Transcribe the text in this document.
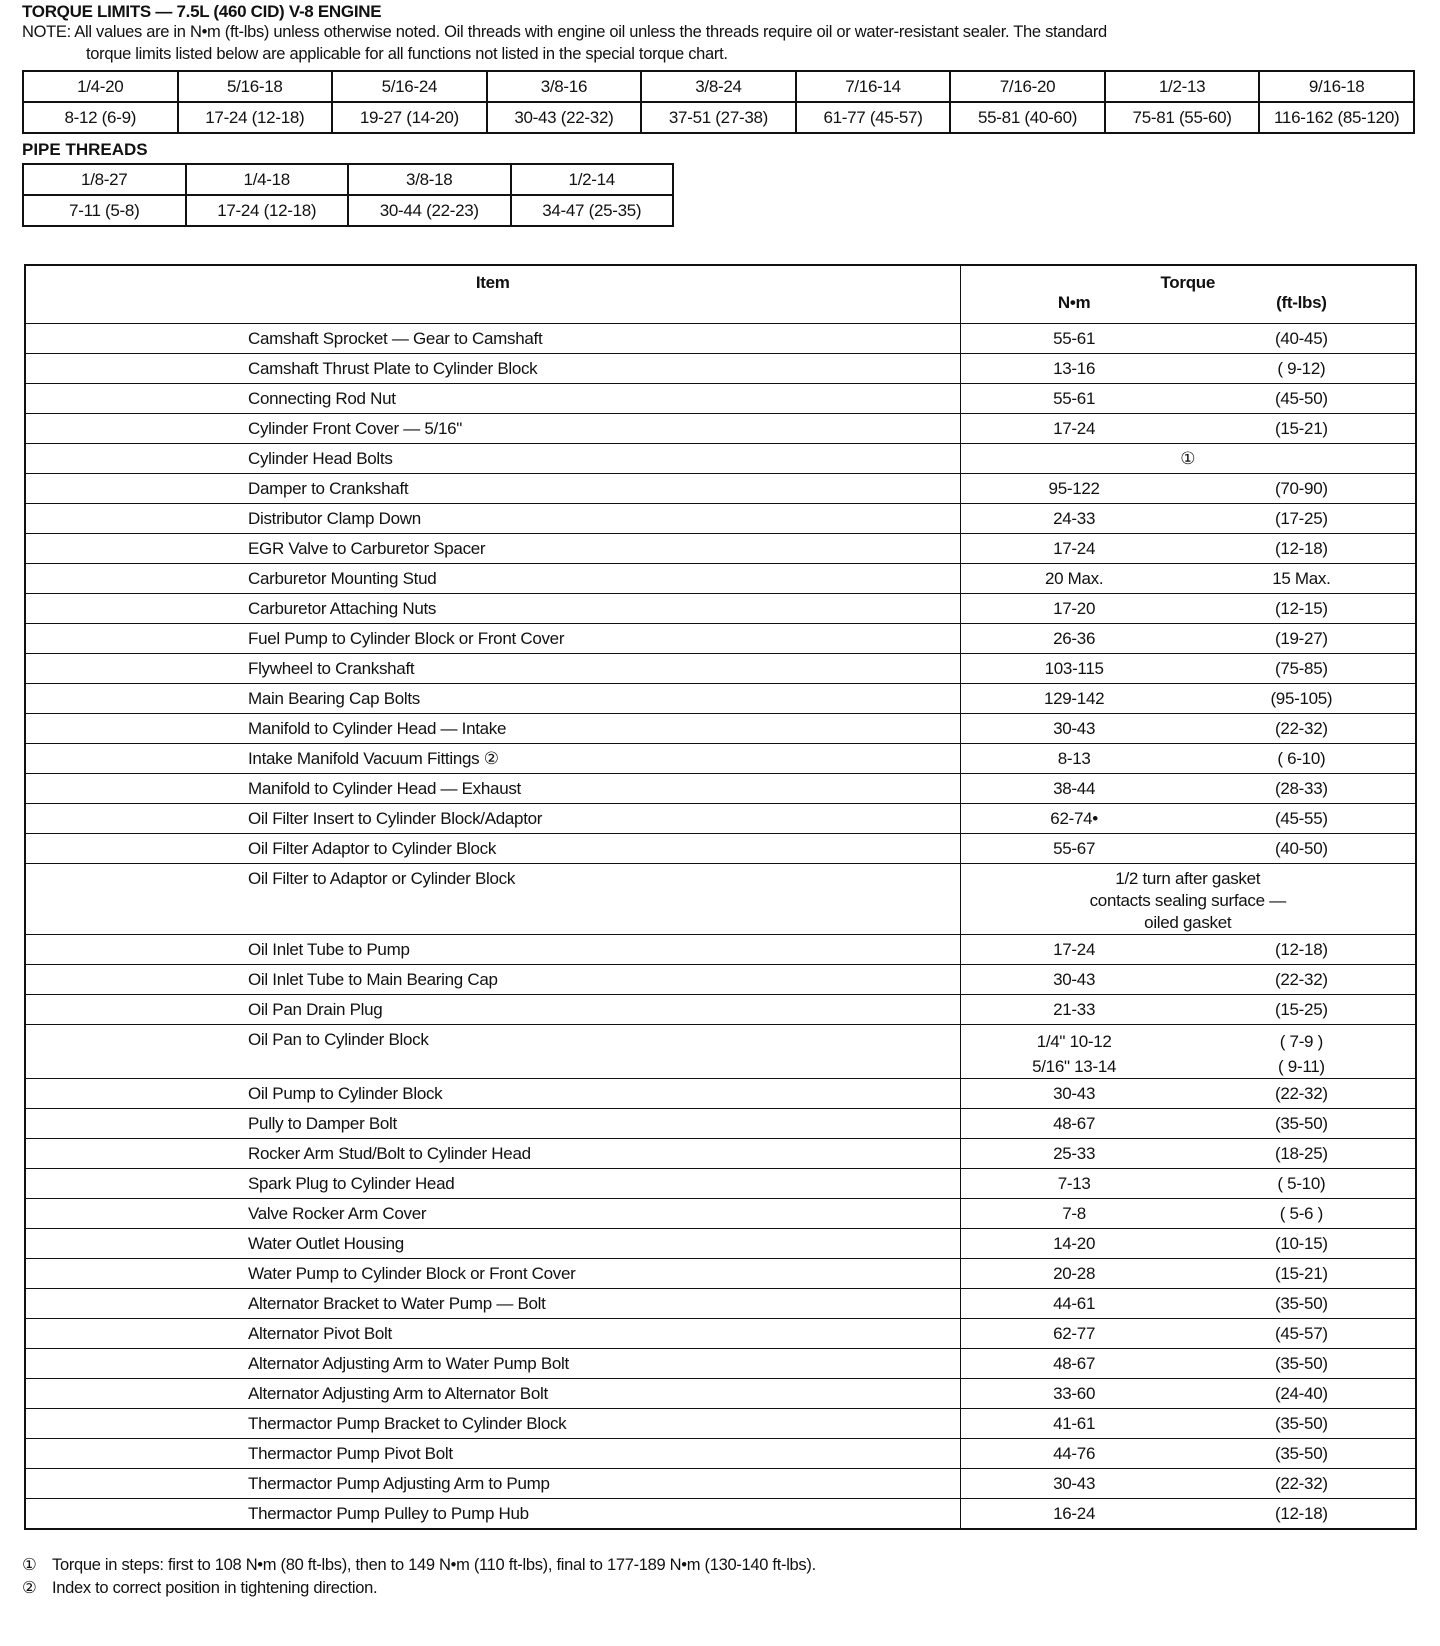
TORQUE LIMITS — 7.5L (460 CID) V-8 ENGINE
NOTE: All values are in N•m (ft-lbs) unless otherwise noted. Oil threads with engine oil unless the threads require oil or water-resistant sealer. The standard
torque limits listed below are applicable for all functions not listed in the special torque chart.
1/4-20	5/16-18	5/16-24	3/8-16	3/8-24	7/16-14	7/16-20	1/2-13	9/16-18
8-12 (6-9)	17-24 (12-18)	19-27 (14-20)	30-43 (22-32)	37-51 (27-38)	61-77 (45-57)	55-81 (40-60)	75-81 (55-60)	116-162 (85-120)
PIPE THREADS
1/8-27	1/4-18	3/8-18	1/2-14
7-11 (5-8)	17-24 (12-18)	30-44 (22-23)	34-47 (25-35)
Item	Torque
N•m (ft-lbs)

Camshaft Sprocket — Gear to Camshaft	55-61 (40-45)

Camshaft Thrust Plate to Cylinder Block	13-16 ( 9-12)

Connecting Rod Nut	55-61 (45-50)

Cylinder Front Cover — 5/16"	17-24 (15-21)

Cylinder Head Bolts	①

Damper to Crankshaft	95-122 (70-90)

Distributor Clamp Down	24-33 (17-25)

EGR Valve to Carburetor Spacer	17-24 (12-18)

Carburetor Mounting Stud	20 Max. 15 Max.

Carburetor Attaching Nuts	17-20 (12-15)

Fuel Pump to Cylinder Block or Front Cover	26-36 (19-27)

Flywheel to Crankshaft	103-115 (75-85)

Main Bearing Cap Bolts	129-142 (95-105)

Manifold to Cylinder Head — Intake	30-43 (22-32)

Intake Manifold Vacuum Fittings ②	8-13 ( 6-10)

Manifold to Cylinder Head — Exhaust	38-44 (28-33)

Oil Filter Insert to Cylinder Block/Adaptor	62-74• (45-55)

Oil Filter Adaptor to Cylinder Block	55-67 (40-50)

Oil Filter to Adaptor or Cylinder Block	1/2 turn after gasket
contacts sealing surface —
oiled gasket

Oil Inlet Tube to Pump	17-24 (12-18)

Oil Inlet Tube to Main Bearing Cap	30-43 (22-32)

Oil Pan Drain Plug	21-33 (15-25)

Oil Pan to Cylinder Block	1/4" 10-12
5/16" 13-14
( 7-9 )
( 9-11)

Oil Pump to Cylinder Block	30-43 (22-32)

Pully to Damper Bolt	48-67 (35-50)

Rocker Arm Stud/Bolt to Cylinder Head	25-33 (18-25)

Spark Plug to Cylinder Head	7-13 ( 5-10)

Valve Rocker Arm Cover	7-8 ( 5-6 )

Water Outlet Housing	14-20 (10-15)

Water Pump to Cylinder Block or Front Cover	20-28 (15-21)

Alternator Bracket to Water Pump — Bolt	44-61 (35-50)

Alternator Pivot Bolt	62-77 (45-57)

Alternator Adjusting Arm to Water Pump Bolt	48-67 (35-50)

Alternator Adjusting Arm to Alternator Bolt	33-60 (24-40)

Thermactor Pump Bracket to Cylinder Block	41-61 (35-50)

Thermactor Pump Pivot Bolt	44-76 (35-50)

Thermactor Pump Adjusting Arm to Pump	30-43 (22-32)

Thermactor Pump Pulley to Pump Hub	16-24 (12-18)
① Torque in steps: first to 108 N•m (80 ft-lbs), then to 149 N•m (110 ft-lbs), final to 177-189 N•m (130-140 ft-lbs).
② Index to correct position in tightening direction.
